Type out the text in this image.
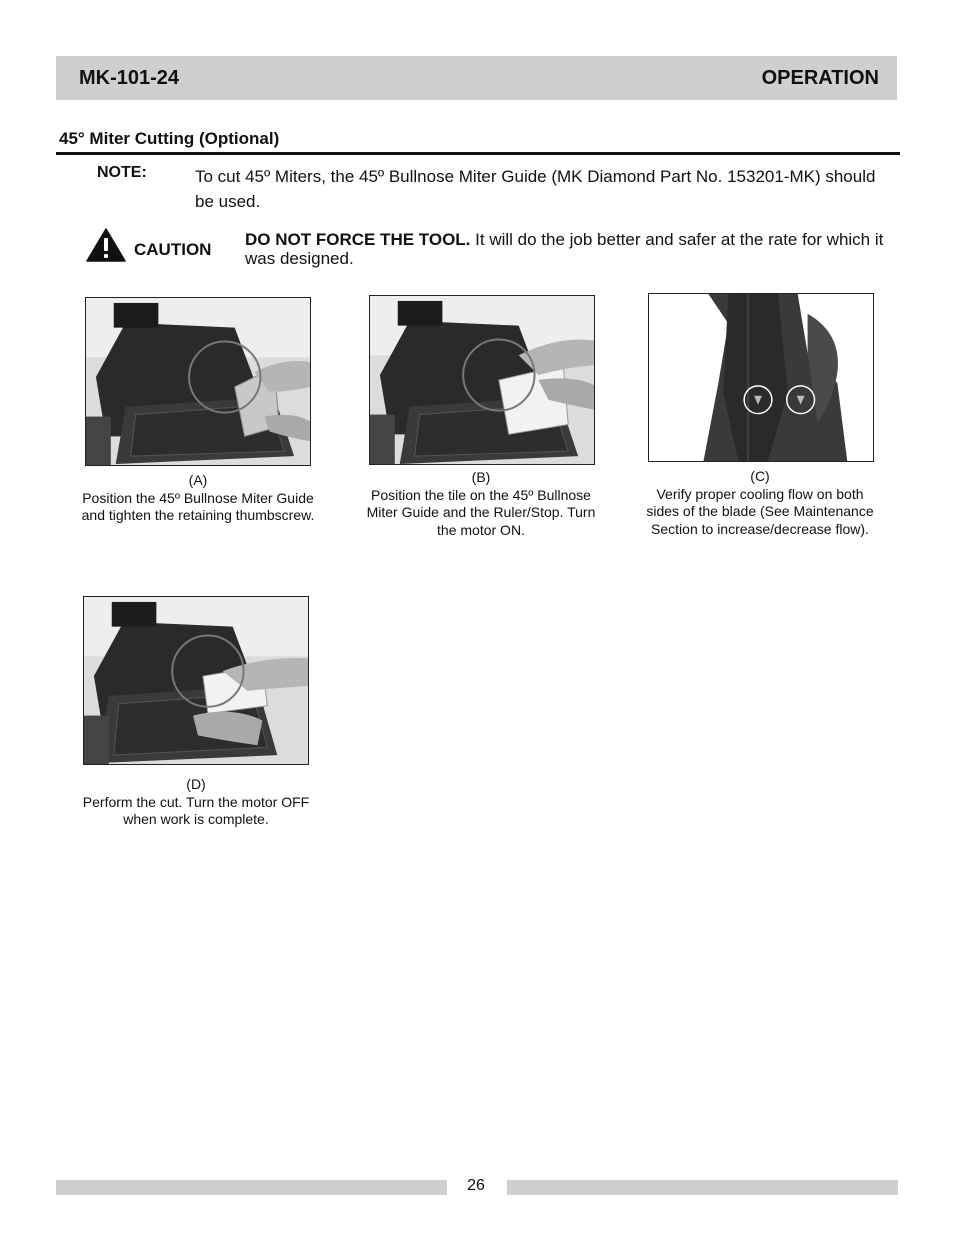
MK-101-24	OPERATION
45° Miter Cutting (Optional)
NOTE:	To cut 45º Miters, the 45º Bullnose Miter Guide (MK Diamond Part No. 153201-MK) should be used.
CAUTION
DO NOT FORCE THE TOOL. It will do the job better and safer at the rate for which it was designed.
(A)
Position the 45º Bullnose Miter Guide and tighten the retaining thumbscrew.
(B)
Position the tile on the 45º Bullnose Miter Guide and the Ruler/Stop. Turn the motor ON.
(C)
Verify proper cooling flow on both sides of the blade (See Maintenance Section to increase/decrease flow).
(D)
Perform the cut. Turn the motor OFF when work is complete.
26
